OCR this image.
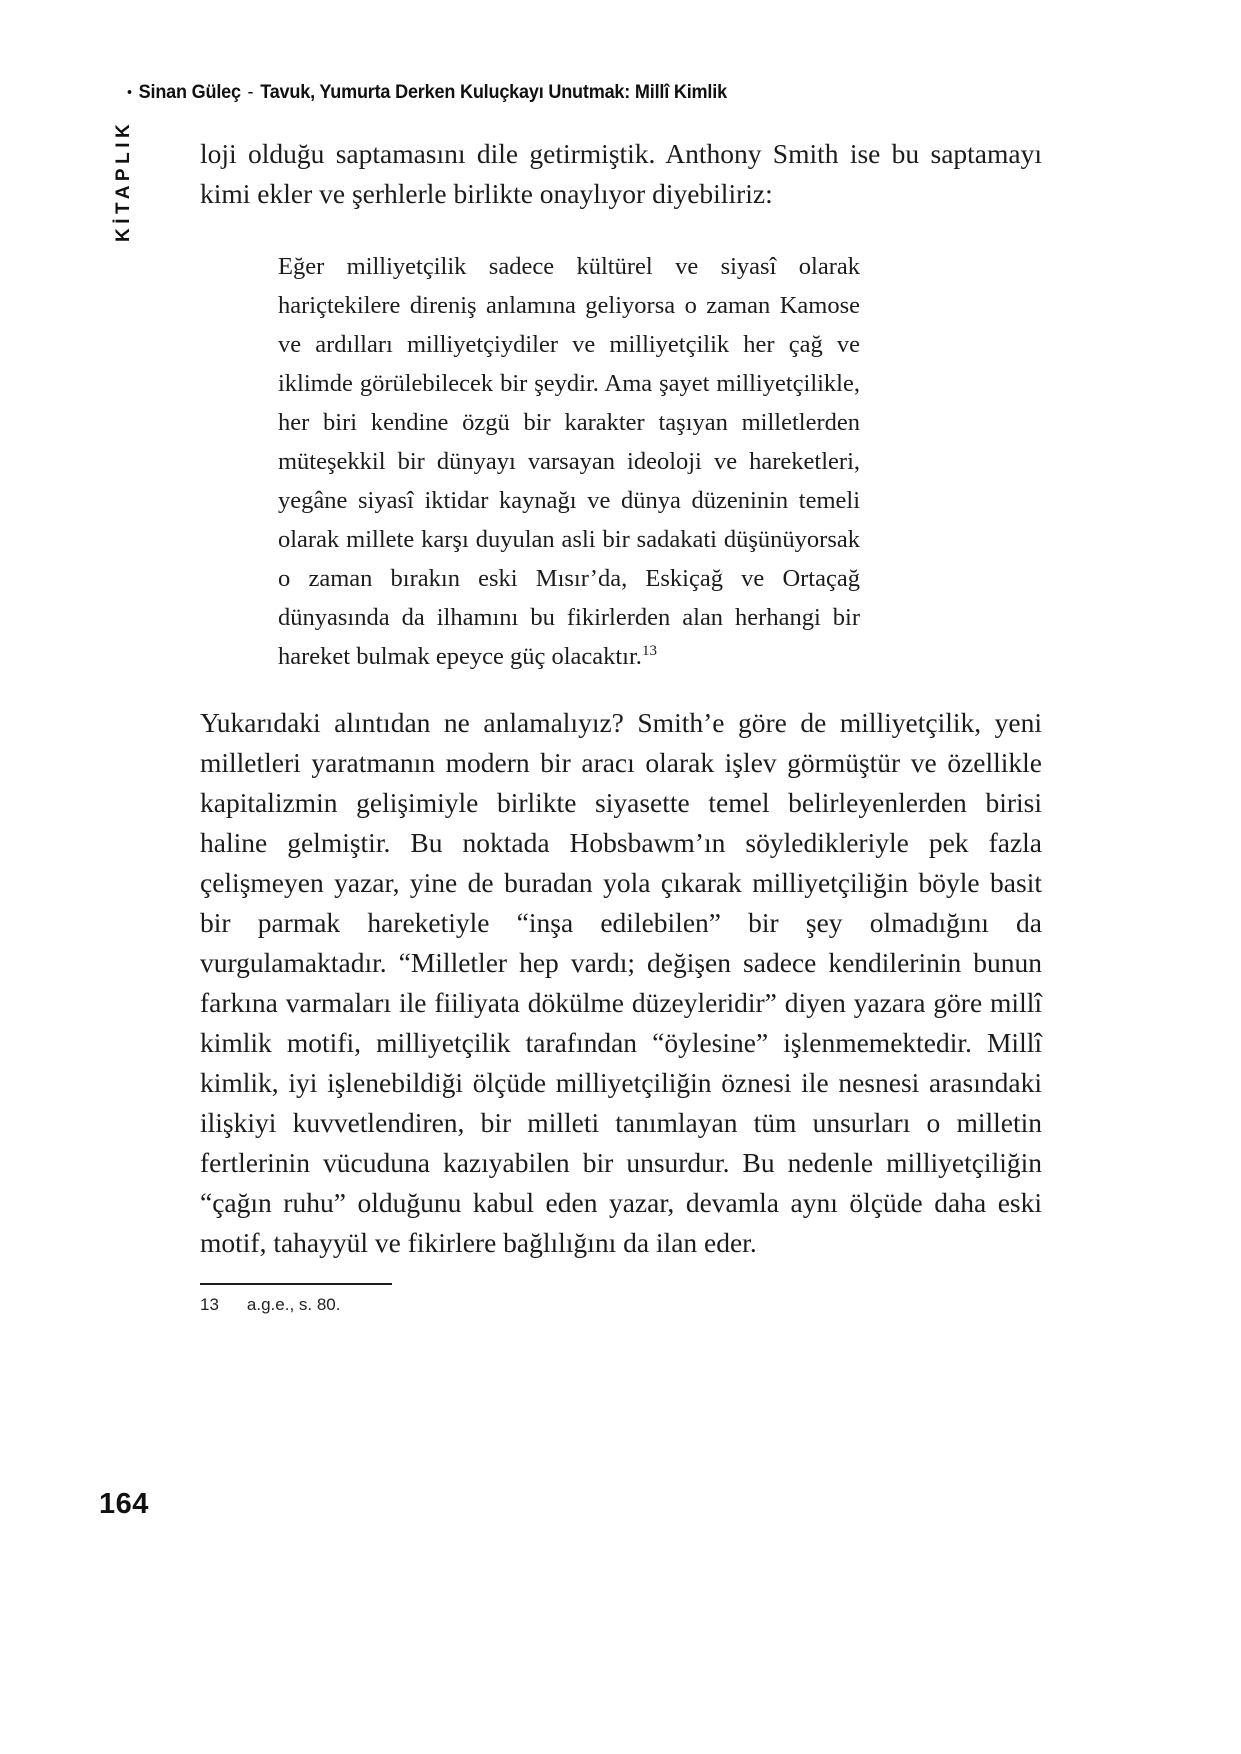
• Sinan Güleç - Tavuk, Yumurta Derken Kuluçkayı Unutmak: Millî Kimlik
KİTAPLIK loji olduğu saptamasını dile getirmiştik. Anthony Smith ise bu saptamayı kimi ekler ve şerhlerle birlikte onaylıyor diyebiliriz:

Eğer milliyetçilik sadece kültürel ve siyasî olarak hariçtekilere direniş anlamına geliyorsa o zaman Kamose ve ardılları milliyetçiydiler ve milliyetçilik her çağ ve iklimde görülebilecek bir şeydir. Ama şayet milliyetçilikle, her biri kendine özgü bir karakter taşıyan milletlerden müteşekkil bir dünyayı varsayan ideoloji ve hareketleri, yegâne siyasî iktidar kaynağı ve dünya düzeninin temeli olarak millete karşı duyulan asli bir sadakati düşünüyorsak o zaman bırakın eski Mısır’da, Eskiçağ ve Ortaçağ dünyasında da ilhamını bu fikirlerden alan herhangi bir hareket bulmak epeyce güç olacaktır.$^{13}$

Yukarıdaki alıntıdan ne anlamalıyız? Smith’e göre de milliyetçilik, yeni milletleri yaratmanın modern bir aracı olarak işlev görmüştür ve özellikle kapitalizmin gelişimiyle birlikte siyasette temel belirleyenlerden birisi haline gelmiştir. Bu noktada Hobsbawm’ın söyledikleriyle pek fazla çelişmeyen yazar, yine de buradan yola çıkarak milliyetçiliğin böyle basit bir parmak hareketiyle “inşa edilebilen” bir şey olmadığını da vurgulamaktadır. “Milletler hep vardı; değişen sadece kendilerinin bunun farkına varmaları ile fiiliyata dökülme düzeyleridir” diyen yazara göre millî kimlik motifi, milliyetçilik tarafından “öylesine” işlenmemektedir. Millî kimlik, iyi işlenebildiği ölçüde milliyetçiliğin öznesi ile nesnesi arasındaki ilişkiyi kuvvetlendiren, bir milleti tanımlayan tüm unsurları o milletin fertlerinin vücuduna kazıyabilen bir unsurdur. Bu nedenle milliyetçiliğin “çağın ruhu” olduğunu kabul eden yazar, devamla aynı ölçüde daha eski motif, tahayyül ve fikirlere bağlılığını da ilan eder.

13 a.g.e., s. 80.
164
